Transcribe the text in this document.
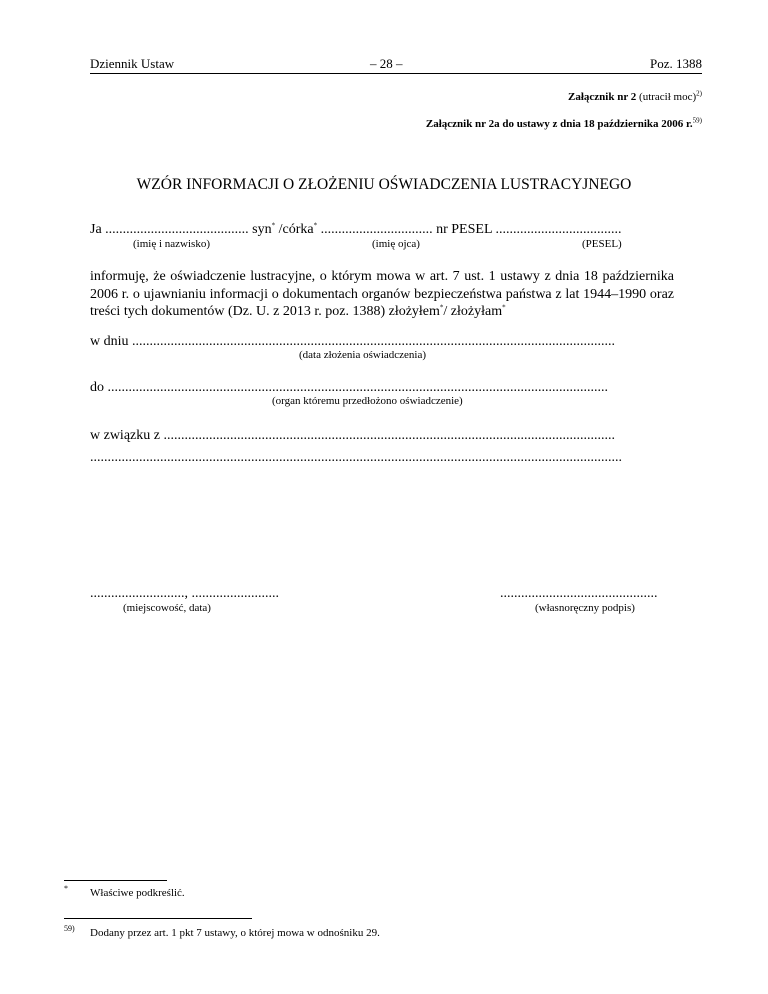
Dziennik Ustaw	– 28 –	Poz. 1388
Załącznik nr 2 (utracił moc)$^{2)}$
Załącznik nr 2a do ustawy z dnia 18 października 2006 r.$^{59)}$
WZÓR INFORMACJI O ZŁOŻENIU OŚWIADCZENIA LUSTRACYJNEGO
Ja ......................................... syn* /córka* ................................ nr PESEL ....................................
(imię i nazwisko)	(imię ojca)	(PESEL)
informuję, że oświadczenie lustracyjne, o którym mowa w art. 7 ust. 1 ustawy z dnia 18 października 2006 r. o ujawnianiu informacji o dokumentach organów bezpieczeństwa państwa z lat 1944–1990 oraz treści tych dokumentów (Dz. U. z 2013 r. poz. 1388) złożyłem*/ złożyłam*
w dniu ..........................................................................................................................................
(data złożenia oświadczenia)
do ...............................................................................................................................................
(organ któremu przedłożono oświadczenie)
w związku z .................................................................................................................................
........................................................................................................................................................
..........................., .........................
(miejscowość, data)
.............................................
(własnoręczny podpis)
* Właściwe podkreślić.
59) Dodany przez art. 1 pkt 7 ustawy, o której mowa w odnośniku 29.
